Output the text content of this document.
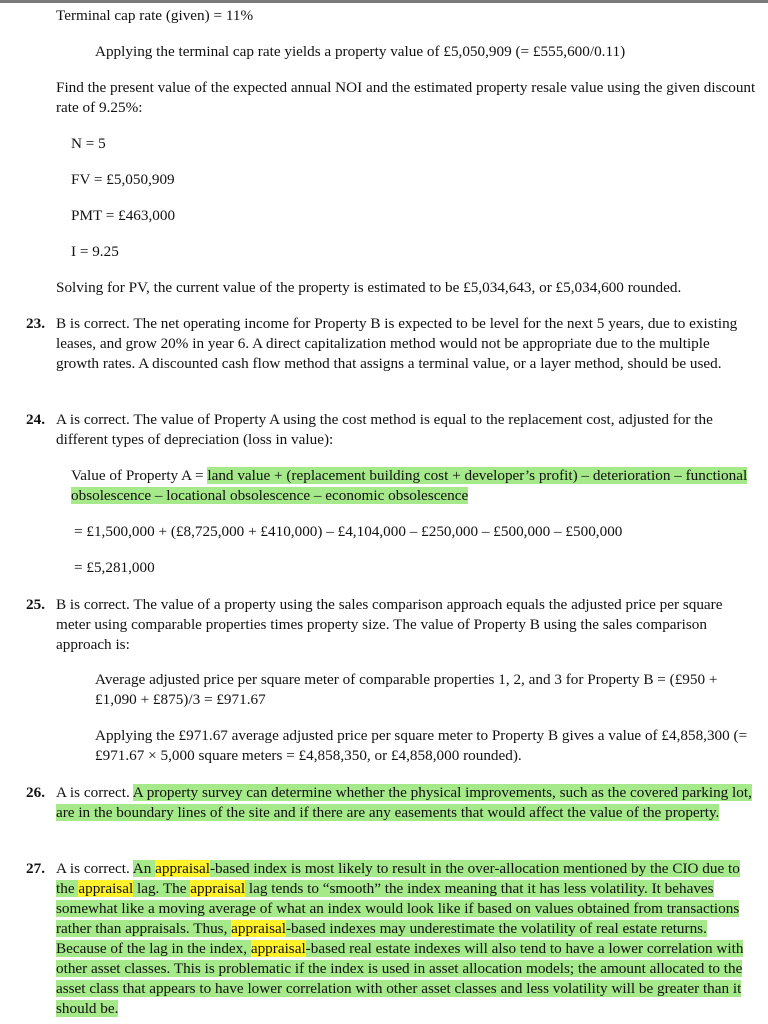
Terminal cap rate (given) = 11%

Applying the terminal cap rate yields a property value of £5,050,909 (= £555,600/0.11)

Find the present value of the expected annual NOI and the estimated property resale value using the given discount rate of 9.25%:

N = 5

FV = £5,050,909

PMT = £463,000

I = 9.25

Solving for PV, the current value of the property is estimated to be £5,034,643, or £5,034,600 rounded.

23. B is correct. The net operating income for Property B is expected to be level for the next 5 years, due to existing leases, and grow 20% in year 6. A direct capitalization method would not be appropriate due to the multiple growth rates. A discounted cash flow method that assigns a terminal value, or a layer method, should be used.

24. A is correct. The value of Property A using the cost method is equal to the replacement cost, adjusted for the different types of depreciation (loss in value):

Value of Property A = land value + (replacement building cost + developer’s profit) – deterioration – functional obsolescence – locational obsolescence – economic obsolescence

= £1,500,000 + (£8,725,000 + £410,000) – £4,104,000 – £250,000 – £500,000 – £500,000

= £5,281,000

25. B is correct. The value of a property using the sales comparison approach equals the adjusted price per square meter using comparable properties times property size. The value of Property B using the sales comparison approach is:

Average adjusted price per square meter of comparable properties 1, 2, and 3 for Property B = (£950 + £1,090 + £875)/3 = £971.67

Applying the £971.67 average adjusted price per square meter to Property B gives a value of £4,858,300 (= £971.67 × 5,000 square meters = £4,858,350, or £4,858,000 rounded).

26. A is correct. A property survey can determine whether the physical improvements, such as the covered parking lot, are in the boundary lines of the site and if there are any easements that would affect the value of the property.

27. A is correct. An appraisal-based index is most likely to result in the over-allocation mentioned by the CIO due to the appraisal lag. The appraisal lag tends to “smooth” the index meaning that it has less volatility. It behaves somewhat like a moving average of what an index would look like if based on values obtained from transactions rather than appraisals. Thus, appraisal-based indexes may underestimate the volatility of real estate returns. Because of the lag in the index, appraisal-based real estate indexes will also tend to have a lower correlation with other asset classes. This is problematic if the index is used in asset allocation models; the amount allocated to the asset class that appears to have lower correlation with other asset classes and less volatility will be greater than it should be.
